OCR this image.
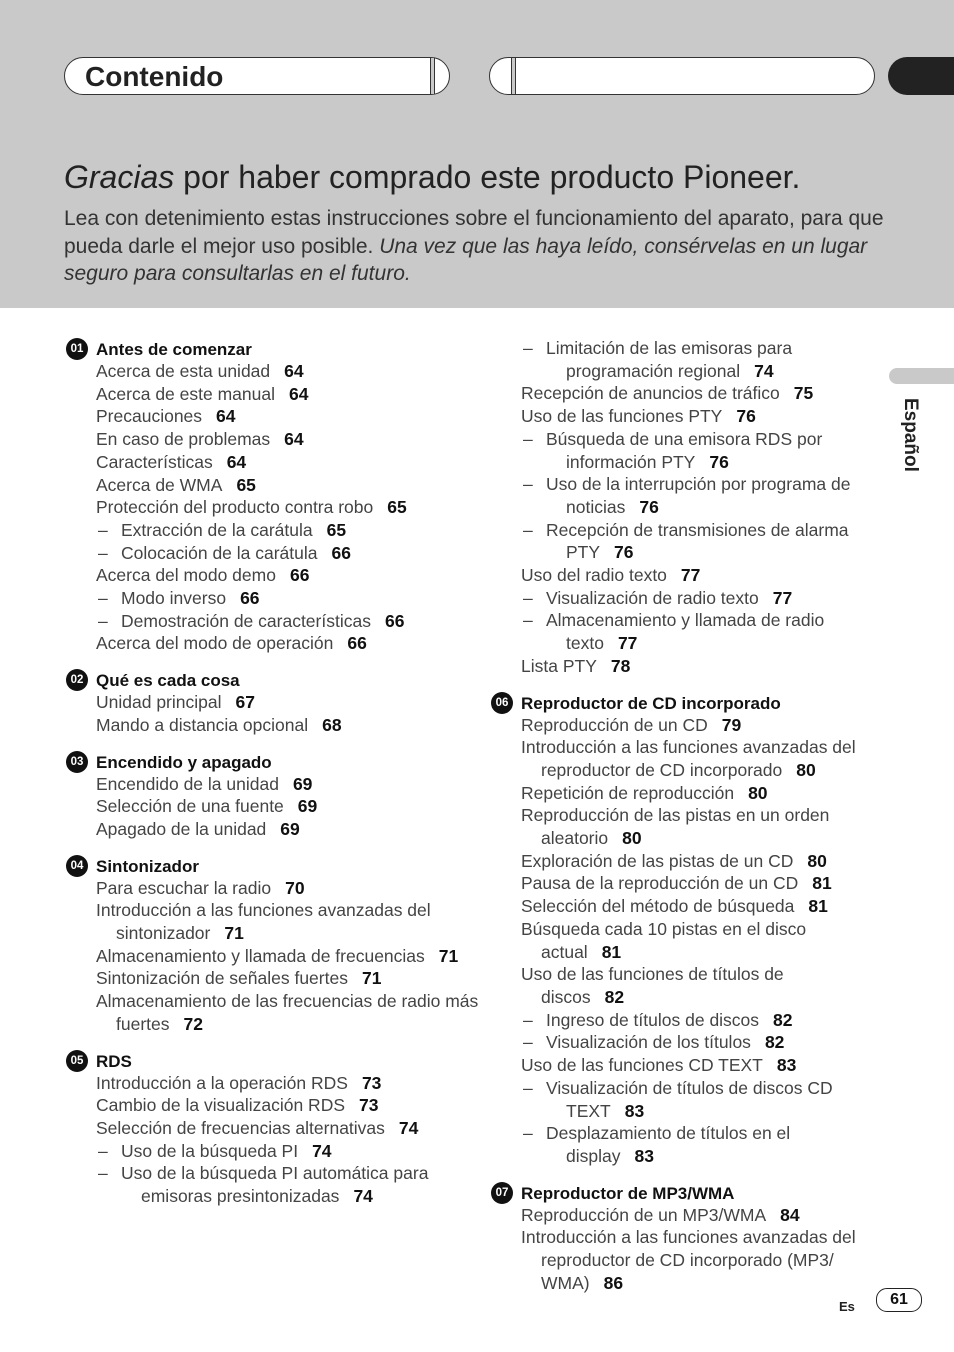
Contenido
Gracias por haber comprado este producto Pioneer.
Lea con detenimiento estas instrucciones sobre el funcionamiento del aparato, para que pueda darle el mejor uso posible. Una vez que las haya leído, consérvelas en un lugar seguro para consultarlas en el futuro.
01 Antes de comenzar
Acerca de esta unidad 64
Acerca de este manual 64
Precauciones 64
En caso de problemas 64
Características 64
Acerca de WMA 65
Protección del producto contra robo 65
– Extracción de la carátula 65
– Colocación de la carátula 66
Acerca del modo demo 66
– Modo inverso 66
– Demostración de características 66
Acerca del modo de operación 66
02 Qué es cada cosa
Unidad principal 67
Mando a distancia opcional 68
03 Encendido y apagado
Encendido de la unidad 69
Selección de una fuente 69
Apagado de la unidad 69
04 Sintonizador
Para escuchar la radio 70
Introducción a las funciones avanzadas del sintonizador 71
Almacenamiento y llamada de frecuencias 71
Sintonización de señales fuertes 71
Almacenamiento de las frecuencias de radio más fuertes 72
05 RDS
Introducción a la operación RDS 73
Cambio de la visualización RDS 73
Selección de frecuencias alternativas 74
– Uso de la búsqueda PI 74
– Uso de la búsqueda PI automática para emisoras presintonizadas 74
– Limitación de las emisoras para programación regional 74
Recepción de anuncios de tráfico 75
Uso de las funciones PTY 76
– Búsqueda de una emisora RDS por información PTY 76
– Uso de la interrupción por programa de noticias 76
– Recepción de transmisiones de alarma PTY 76
Uso del radio texto 77
– Visualización de radio texto 77
– Almacenamiento y llamada de radio texto 77
Lista PTY 78
06 Reproductor de CD incorporado
Reproducción de un CD 79
Introducción a las funciones avanzadas del reproductor de CD incorporado 80
Repetición de reproducción 80
Reproducción de las pistas en un orden aleatorio 80
Exploración de las pistas de un CD 80
Pausa de la reproducción de un CD 81
Selección del método de búsqueda 81
Búsqueda cada 10 pistas en el disco actual 81
Uso de las funciones de títulos de discos 82
– Ingreso de títulos de discos 82
– Visualización de los títulos 82
Uso de las funciones CD TEXT 83
– Visualización de títulos de discos CD TEXT 83
– Desplazamiento de títulos en el display 83
07 Reproductor de MP3/WMA
Reproducción de un MP3/WMA 84
Introducción a las funciones avanzadas del reproductor de CD incorporado (MP3/ WMA) 86
Español
Es	61
